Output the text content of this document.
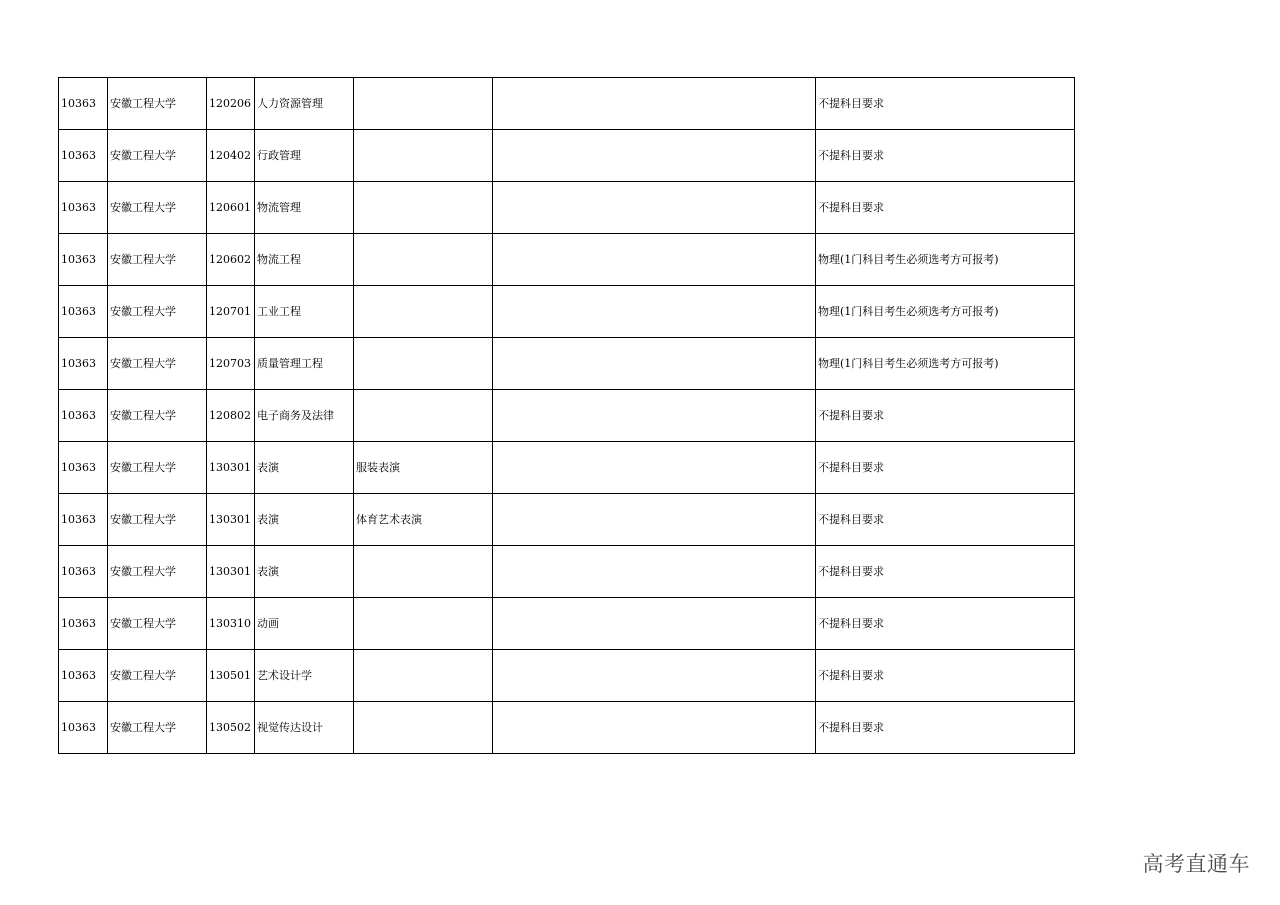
10363	安徽工程大学	120206	人力资源管理			不提科目要求
10363	安徽工程大学	120402	行政管理			不提科目要求
10363	安徽工程大学	120601	物流管理			不提科目要求
10363	安徽工程大学	120602	物流工程			物理(1门科目考生必须选考方可报考)
10363	安徽工程大学	120701	工业工程			物理(1门科目考生必须选考方可报考)
10363	安徽工程大学	120703	质量管理工程			物理(1门科目考生必须选考方可报考)
10363	安徽工程大学	120802	电子商务及法律			不提科目要求
10363	安徽工程大学	130301	表演	服装表演		不提科目要求
10363	安徽工程大学	130301	表演	体育艺术表演		不提科目要求
10363	安徽工程大学	130301	表演			不提科目要求
10363	安徽工程大学	130310	动画			不提科目要求
10363	安徽工程大学	130501	艺术设计学			不提科目要求
10363	安徽工程大学	130502	视觉传达设计			不提科目要求
高考直通车
